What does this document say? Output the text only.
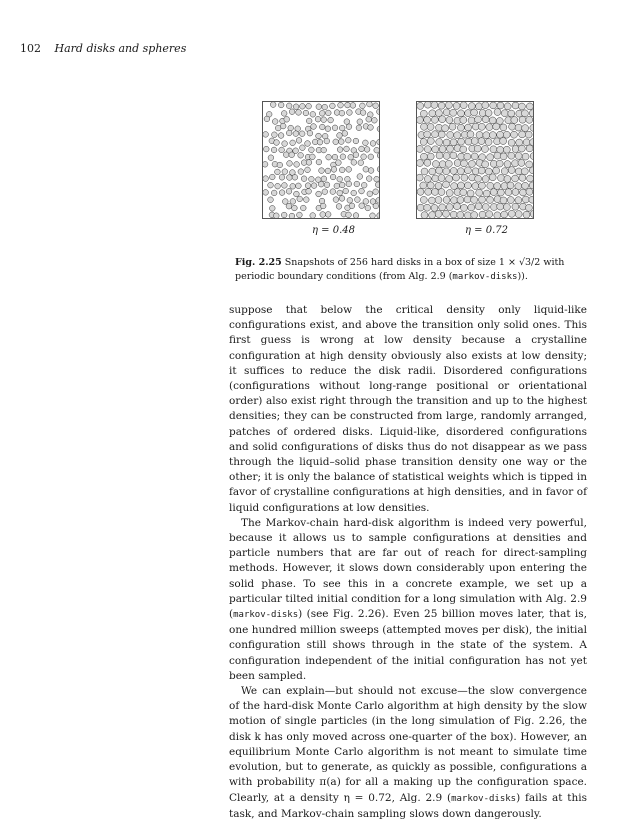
102 Hard disks and spheres
η = 0.48	η = 0.72
Fig. 2.25 Snapshots of 256 hard disks in a box of size 1 × √3/2 with periodic boundary conditions (from Alg. 2.9 (markov-disks)).

suppose that below the critical density only liquid-like configurations exist, and above the transition only solid ones. This first guess is wrong at low density because a crystalline configuration at high density obviously also exists at low density; it suffices to reduce the disk radii. Disordered configurations (configurations without long-range positional or orientational order) also exist right through the transition and up to the highest densities; they can be constructed from large, randomly arranged, patches of ordered disks. Liquid-like, disordered configurations and solid configurations of disks thus do not disappear as we pass through the liquid–solid phase transition density one way or the other; it is only the balance of statistical weights which is tipped in favor of crystalline configurations at high densities, and in favor of liquid configurations at low densities.

The Markov-chain hard-disk algorithm is indeed very powerful, because it allows us to sample configurations at densities and particle numbers that are far out of reach for direct-sampling methods. However, it slows down considerably upon entering the solid phase. To see this in a concrete example, we set up a particular tilted initial condition for a long simulation with Alg. 2.9 (markov-disks) (see Fig. 2.26). Even 25 billion moves later, that is, one hundred million sweeps (attempted moves per disk), the initial configuration still shows through in the state of the system. A configuration independent of the initial configuration has not yet been sampled.

We can explain—but should not excuse—the slow convergence of the hard-disk Monte Carlo algorithm at high density by the slow motion of single particles (in the long simulation of Fig. 2.26, the disk k has only moved across one-quarter of the box). However, an equilibrium Monte Carlo algorithm is not meant to simulate time evolution, but to generate, as quickly as possible, configurations a with probability π(a) for all a making up the configuration space. Clearly, at a density η = 0.72, Alg. 2.9 (markov-disks) fails at this task, and Markov-chain sampling slows down dangerously.
